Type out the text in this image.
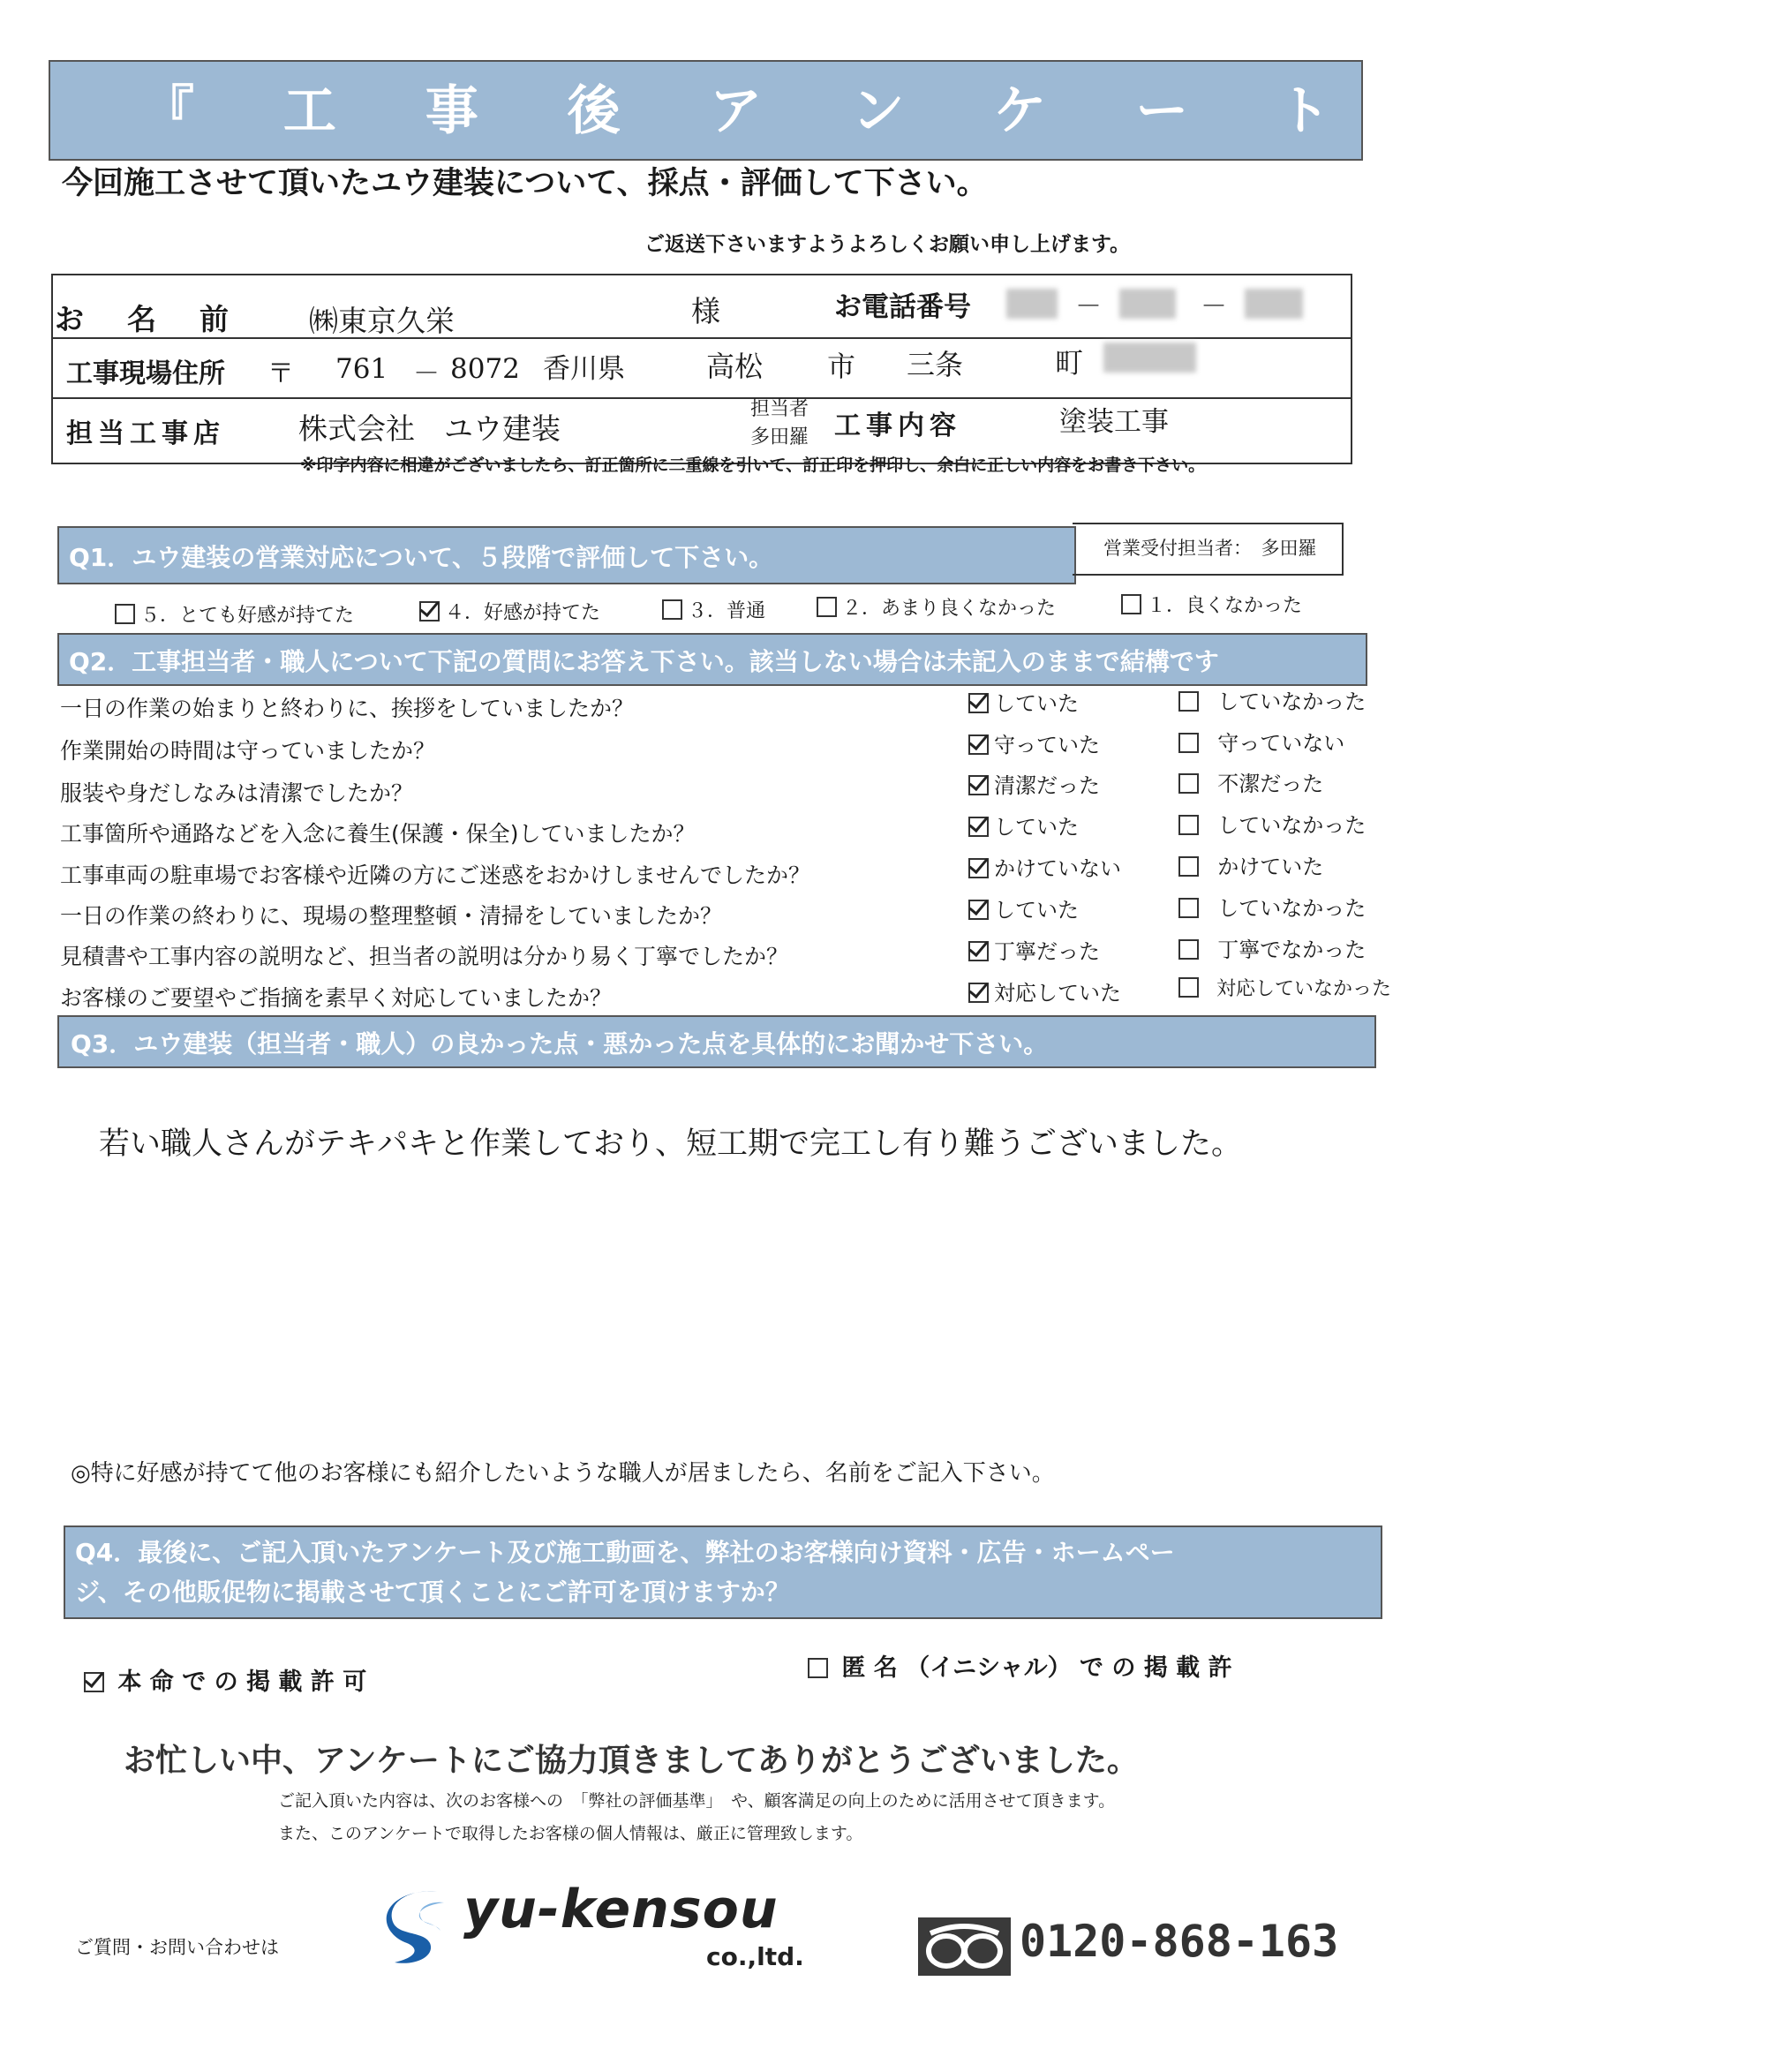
『 工 事 後 ア ン ケ ー ト 用 紙 』
今回施工させて頂いたユウ建装について、採点・評価して下さい。
ご返送下さいますようよろしくお願い申し上げます。
お　名　前	㈱東京久栄	様	お電話番号	－	－
工事現場住所 〒 761 － 8072 香川県	高松 市 三条	町
担当工事店	株式会社　ユウ建装
担当者
多田羅 工事内容	塗装工事
※印字内容に相違がございましたら、訂正箇所に二重線を引いて、訂正印を押印し、余白に正しい内容をお書き下さい。
Q1．ユウ建装の営業対応について、５段階で評価して下さい。	営業受付担当者：　多田羅
５．とても好感が持てた	４．好感が持てた	３．普通	２．あまり良くなかった	１．良くなかった
Q2．工事担当者・職人について下記の質問にお答え下さい。該当しない場合は未記入のままで結構です
一日の作業の始まりと終わりに、挨拶をしていましたか？	していた	していなかった
作業開始の時間は守っていましたか？	守っていた	守っていない
服装や身だしなみは清潔でしたか？	清潔だった	不潔だった
工事箇所や通路などを入念に養生(保護・保全)していましたか？	していた	していなかった
工事車両の駐車場でお客様や近隣の方にご迷惑をおかけしませんでしたか？	かけていない	かけていた
一日の作業の終わりに、現場の整理整頓・清掃をしていましたか？	していた	していなかった
見積書や工事内容の説明など、担当者の説明は分かり易く丁寧でしたか？	丁寧だった	丁寧でなかった
お客様のご要望やご指摘を素早く対応していましたか？	対応していた	対応していなかった
Q3．ユウ建装（担当者・職人）の良かった点・悪かった点を具体的にお聞かせ下さい。
若い職人さんがテキパキと作業しており、短工期で完工し有り難うございました。
◎特に好感が持てて他のお客様にも紹介したいような職人が居ましたら、名前をご記入下さい。
Q4．最後に、ご記入頂いたアンケート及び施工動画を、弊社のお客様向け資料・広告・ホームペー
ジ、その他販促物に掲載させて頂くことにご許可を頂けますか？
本 命 で の 掲 載 許 可
匿 名 （イニシャル） で の 掲 載 許
お忙しい中、アンケートにご協力頂きましてありがとうございました。
ご記入頂いた内容は、次のお客様への　「弊社の評価基準」　や、顧客満足の向上のために活用させて頂きます。
また、このアンケートで取得したお客様の個人情報は、厳正に管理致します。
ご質問・お問い合わせは
yu-kensou
co.,ltd.	0120-868-163
